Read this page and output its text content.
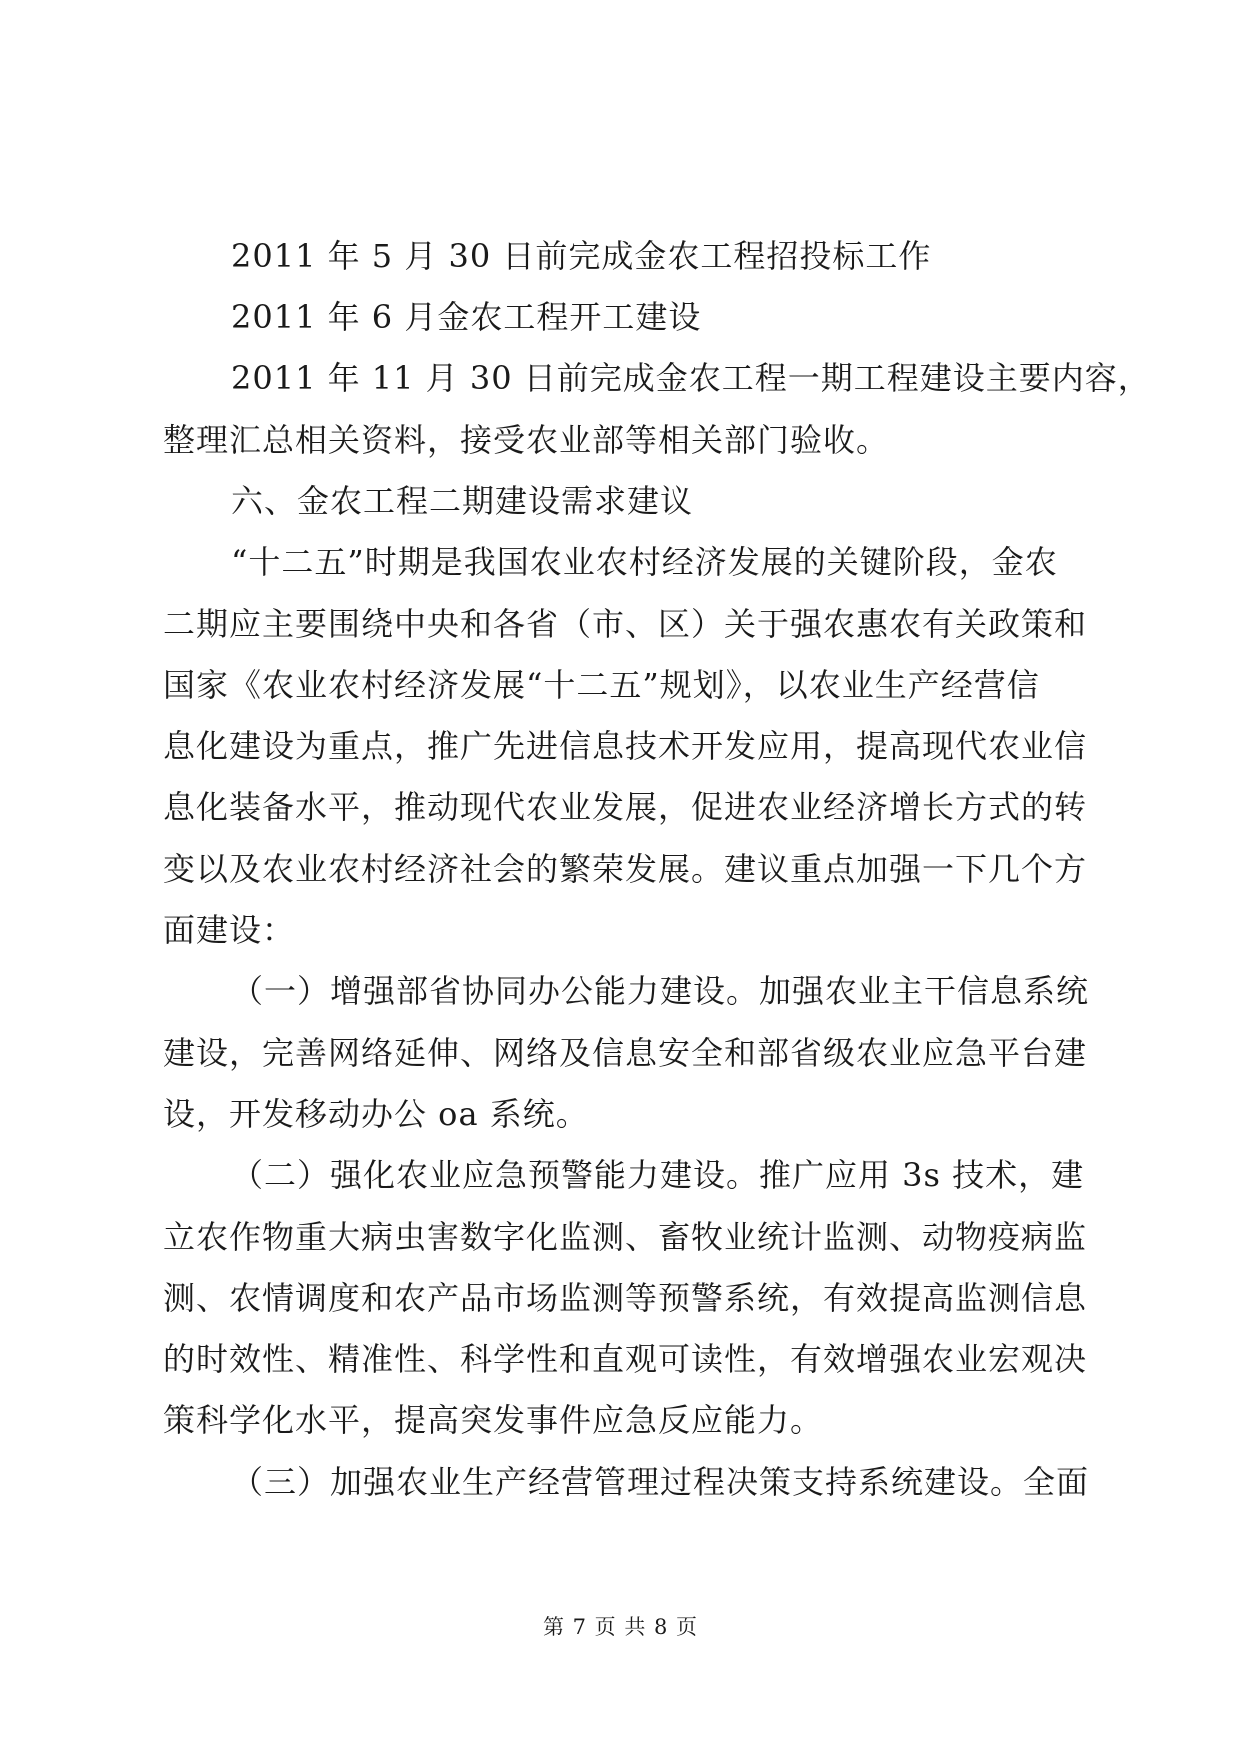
2011 年 5 月 30 日前完成金农工程招投标工作
2011 年 6 月金农工程开工建设
2011 年 11 月 30 日前完成金农工程一期工程建设主要内容，
整理汇总相关资料，接受农业部等相关部门验收。
六、金农工程二期建设需求建议
“十二五”时期是我国农业农村经济发展的关键阶段，金农
二期应主要围绕中央和各省（市、区）关于强农惠农有关政策和
国家《农业农村经济发展“十二五”规划》，以农业生产经营信
息化建设为重点，推广先进信息技术开发应用，提高现代农业信
息化装备水平，推动现代农业发展，促进农业经济增长方式的转
变以及农业农村经济社会的繁荣发展。建议重点加强一下几个方
面建设：
（一）增强部省协同办公能力建设。加强农业主干信息系统
建设，完善网络延伸、网络及信息安全和部省级农业应急平台建
设，开发移动办公 oa 系统。
（二）强化农业应急预警能力建设。推广应用 3s 技术，建
立农作物重大病虫害数字化监测、畜牧业统计监测、动物疫病监
测、农情调度和农产品市场监测等预警系统，有效提高监测信息
的时效性、精准性、科学性和直观可读性，有效增强农业宏观决
策科学化水平，提高突发事件应急反应能力。
（三）加强农业生产经营管理过程决策支持系统建设。全面
第 7 页 共 8 页
